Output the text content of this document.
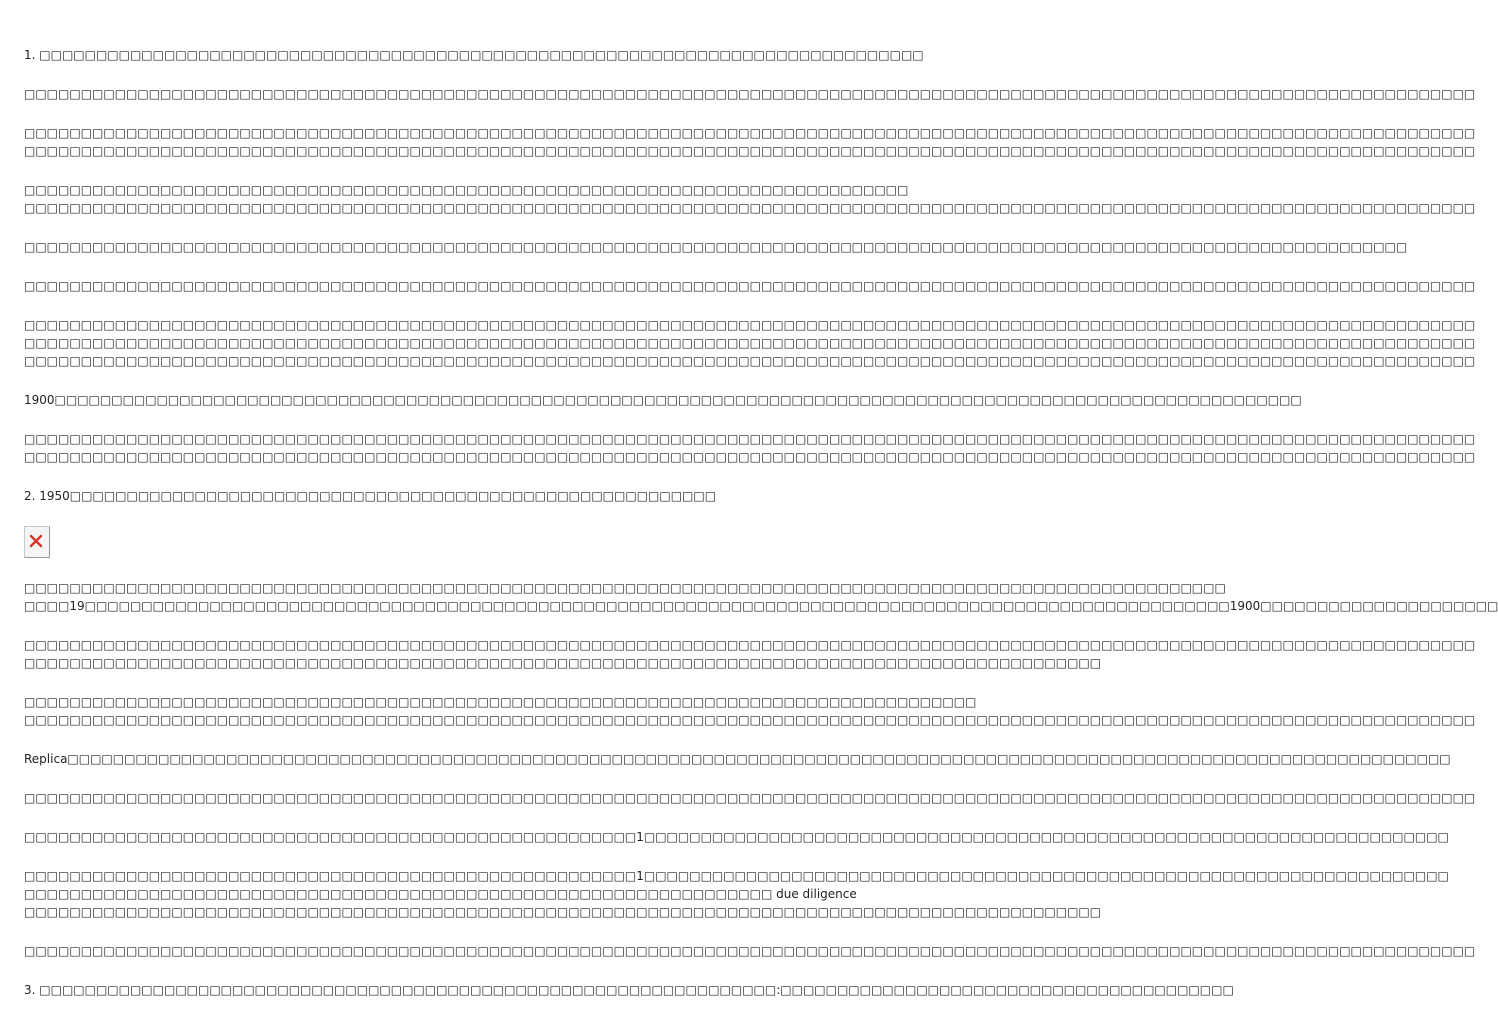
1. □□□□□□□□□□□□□□□□□□□□□□□□□□□□□□□□□□□□□□□□□□□□□□□□□□□□□□□□□□□□□□□□□□□□□□□□□□□□□□

□□□□□□□□□□□□□□□□□□□□□□□□□□□□□□□□□□□□□□□□□□□□□□□□□□□□□□□□□□□□□□□□□□□□□□□□□□□□□□□□□□□□□□□□□□□□□□□□□□□□□□□□□□□□□□□□□□□□□□□□□□□□□□□□

□□□□□□□□□□□□□□□□□□□□□□□□□□□□□□□□□□□□□□□□□□□□□□□□□□□□□□□□□□□□□□□□□□□□□□□□□□□□□□□□□□□□□□□□□□□□□□□□□□□□□□□□□□□□□□□□□□□□□□□□□□□□□□□□
□□□□□□□□□□□□□□□□□□□□□□□□□□□□□□□□□□□□□□□□□□□□□□□□□□□□□□□□□□□□□□□□□□□□□□□□□□□□□□□□□□□□□□□□□□□□□□□□□□□□□□□□□□□□□□□□□□□□□□□□□□□□□□□□

□□□□□□□□□□□□□□□□□□□□□□□□□□□□□□□□□□□□□□□□□□□□□□□□□□□□□□□□□□□□□□□□□□□□□□□□□□□□□□
□□□□□□□□□□□□□□□□□□□□□□□□□□□□□□□□□□□□□□□□□□□□□□□□□□□□□□□□□□□□□□□□□□□□□□□□□□□□□□□□□□□□□□□□□□□□□□□□□□□□□□□□□□□□□□□□□□□□□□□□□□□□□□□□

□□□□□□□□□□□□□□□□□□□□□□□□□□□□□□□□□□□□□□□□□□□□□□□□□□□□□□□□□□□□□□□□□□□□□□□□□□□□□□□□□□□□□□□□□□□□□□□□□□□□□□□□□□□□□□□□□□□□□□□□□□

□□□□□□□□□□□□□□□□□□□□□□□□□□□□□□□□□□□□□□□□□□□□□□□□□□□□□□□□□□□□□□□□□□□□□□□□□□□□□□□□□□□□□□□□□□□□□□□□□□□□□□□□□□□□□□□□□□□□□□□□□□□□□□□□

□□□□□□□□□□□□□□□□□□□□□□□□□□□□□□□□□□□□□□□□□□□□□□□□□□□□□□□□□□□□□□□□□□□□□□□□□□□□□□□□□□□□□□□□□□□□□□□□□□□□□□□□□□□□□□□□□□□□□□□□□□□□□□□□
□□□□□□□□□□□□□□□□□□□□□□□□□□□□□□□□□□□□□□□□□□□□□□□□□□□□□□□□□□□□□□□□□□□□□□□□□□□□□□□□□□□□□□□□□□□□□□□□□□□□□□□□□□□□□□□□□□□□□□□□□□□□□□□□
□□□□□□□□□□□□□□□□□□□□□□□□□□□□□□□□□□□□□□□□□□□□□□□□□□□□□□□□□□□□□□□□□□□□□□□□□□□□□□□□□□□□□□□□□□□□□□□□□□□□□□□□□□□□□□□□□□□□□□□□□□□□□□□□

1900□□□□□□□□□□□□□□□□□□□□□□□□□□□□□□□□□□□□□□□□□□□□□□□□□□□□□□□□□□□□□□□□□□□□□□□□□□□□□□□□□□□□□□□□□□□□□□□□□□□□□□□□□□□□□□

□□□□□□□□□□□□□□□□□□□□□□□□□□□□□□□□□□□□□□□□□□□□□□□□□□□□□□□□□□□□□□□□□□□□□□□□□□□□□□□□□□□□□□□□□□□□□□□□□□□□□□□□□□□□□□□□□□□□□□□□□□□□□□□□
□□□□□□□□□□□□□□□□□□□□□□□□□□□□□□□□□□□□□□□□□□□□□□□□□□□□□□□□□□□□□□□□□□□□□□□□□□□□□□□□□□□□□□□□□□□□□□□□□□□□□□□□□□□□□□□□□□□□□□□□□□□□□□□□

2. 1950□□□□□□□□□□□□□□□□□□□□□□□□□□□□□□□□□□□□□□□□□□□□□□□□□□□□□□□□□

□□□□□□□□□□□□□□□□□□□□□□□□□□□□□□□□□□□□□□□□□□□□□□□□□□□□□□□□□□□□□□□□□□□□□□□□□□□□□□□□□□□□□□□□□□□□□□□□□□□□□□□□□□
□□□□19□□□□□□□□□□□□□□□□□□□□□□□□□□□□□□□□□□□□□□□□□□□□□□□□□□□□□□□□□□□□□□□□□□□□□□□□□□□□□□□□□□□□□□□□□□□□□□□□□□□□□1900□□□□□□□□□□□□□□□□□□□□□

□□□□□□□□□□□□□□□□□□□□□□□□□□□□□□□□□□□□□□□□□□□□□□□□□□□□□□□□□□□□□□□□□□□□□□□□□□□□□□□□□□□□□□□□□□□□□□□□□□□□□□□□□□□□□□□□□□□□□□□□□□□□□□□□
□□□□□□□□□□□□□□□□□□□□□□□□□□□□□□□□□□□□□□□□□□□□□□□□□□□□□□□□□□□□□□□□□□□□□□□□□□□□□□□□□□□□□□□□□□□□□□□

□□□□□□□□□□□□□□□□□□□□□□□□□□□□□□□□□□□□□□□□□□□□□□□□□□□□□□□□□□□□□□□□□□□□□□□□□□□□□□□□□□□□
□□□□□□□□□□□□□□□□□□□□□□□□□□□□□□□□□□□□□□□□□□□□□□□□□□□□□□□□□□□□□□□□□□□□□□□□□□□□□□□□□□□□□□□□□□□□□□□□□□□□□□□□□□□□□□□□□□□□□□□□□□□□□□□□

Replica□□□□□□□□□□□□□□□□□□□□□□□□□□□□□□□□□□□□□□□□□□□□□□□□□□□□□□□□□□□□□□□□□□□□□□□□□□□□□□□□□□□□□□□□□□□□□□□□□□□□□□□□□□□□□□□□□□□□□□□□□□

□□□□□□□□□□□□□□□□□□□□□□□□□□□□□□□□□□□□□□□□□□□□□□□□□□□□□□□□□□□□□□□□□□□□□□□□□□□□□□□□□□□□□□□□□□□□□□□□□□□□□□□□□□□□□□□□□□□□□□□□□□□□□□□□

□□□□□□□□□□□□□□□□□□□□□□□□□□□□□□□□□□□□□□□□□□□□□□□□□□□□□□1□□□□□□□□□□□□□□□□□□□□□□□□□□□□□□□□□□□□□□□□□□□□□□□□□□□□□□□□□□□□□□□□□□□□□□□

□□□□□□□□□□□□□□□□□□□□□□□□□□□□□□□□□□□□□□□□□□□□□□□□□□□□□□1□□□□□□□□□□□□□□□□□□□□□□□□□□□□□□□□□□□□□□□□□□□□□□□□□□□□□□□□□□□□□□□□□□□□□□□
□□□□□□□□□□□□□□□□□□□□□□□□□□□□□□□□□□□□□□□□□□□□□□□□□□□□□□□□□□□□□□□□□□ due diligence
□□□□□□□□□□□□□□□□□□□□□□□□□□□□□□□□□□□□□□□□□□□□□□□□□□□□□□□□□□□□□□□□□□□□□□□□□□□□□□□□□□□□□□□□□□□□□□□

□□□□□□□□□□□□□□□□□□□□□□□□□□□□□□□□□□□□□□□□□□□□□□□□□□□□□□□□□□□□□□□□□□□□□□□□□□□□□□□□□□□□□□□□□□□□□□□□□□□□□□□□□□□□□□□□□□□□□□□□□□□□□□□□

3. □□□□□□□□□□□□□□□□□□□□□□□□□□□□□□□□□□□□□□□□□□□□□□□□□□□□□□□□□□□□□□□□□:□□□□□□□□□□□□□□□□□□□□□□□□□□□□□□□□□□□□□□□□
